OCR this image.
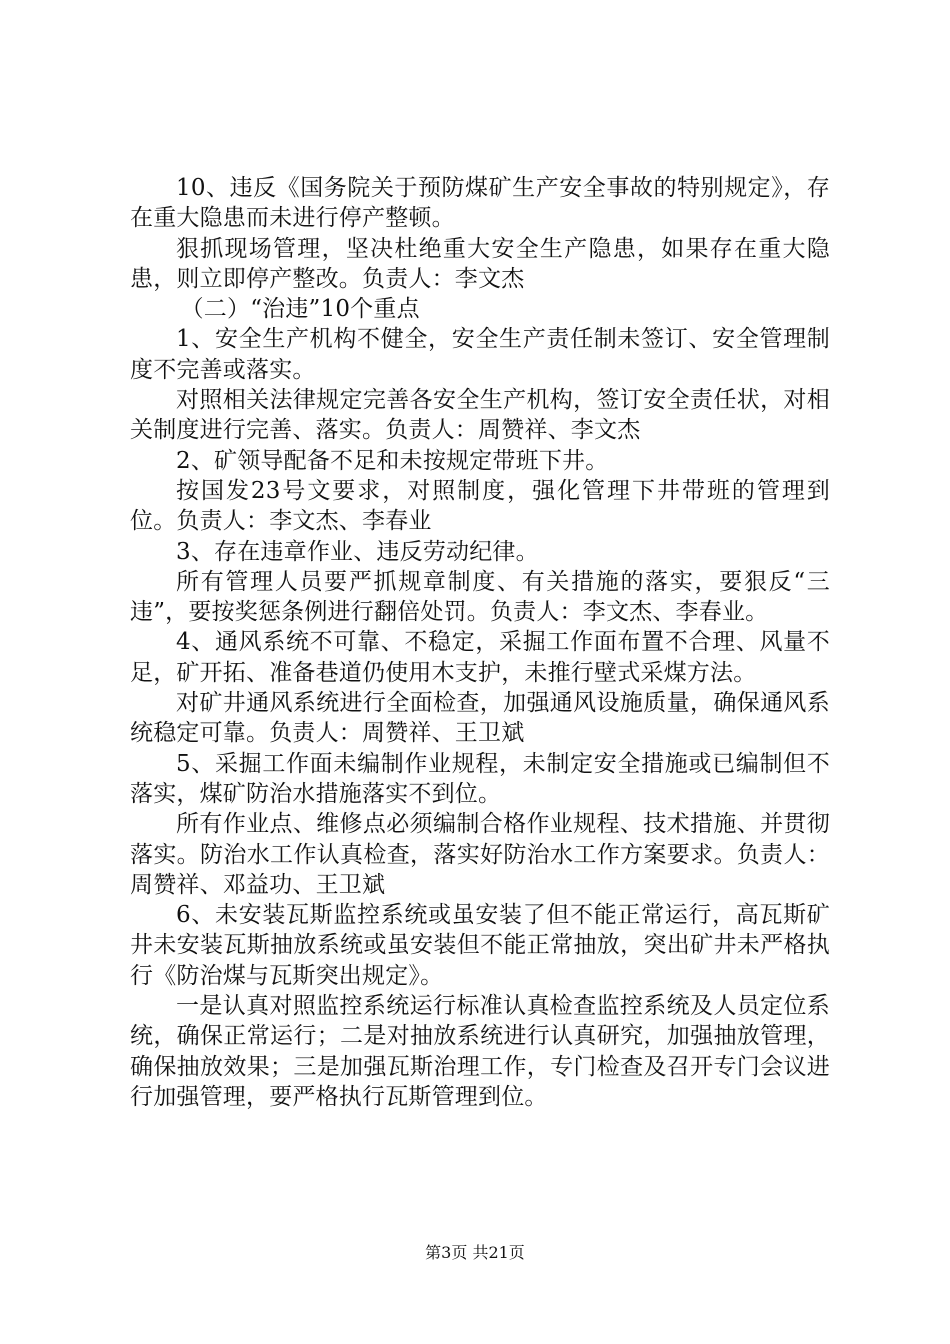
10、违反《国务院关于预防煤矿生产安全事故的特别规定》，存在重大隐患而未进行停产整顿。

狠抓现场管理，坚决杜绝重大安全生产隐患，如果存在重大隐患，则立即停产整改。负责人：李文杰

（二）“治违”10个重点

1、安全生产机构不健全，安全生产责任制未签订、安全管理制度不完善或落实。

对照相关法律规定完善各安全生产机构，签订安全责任状，对相关制度进行完善、落实。负责人：周赞祥、李文杰

2、矿领导配备不足和未按规定带班下井。

按国发23号文要求，对照制度，强化管理下井带班的管理到位。负责人：李文杰、李春业

3、存在违章作业、违反劳动纪律。

所有管理人员要严抓规章制度、有关措施的落实，要狠反“三违”，要按奖惩条例进行翻倍处罚。负责人：李文杰、李春业。

4、通风系统不可靠、不稳定，采掘工作面布置不合理、风量不足，矿开拓、准备巷道仍使用木支护，未推行壁式采煤方法。

对矿井通风系统进行全面检查，加强通风设施质量，确保通风系统稳定可靠。负责人：周赞祥、王卫斌

5、采掘工作面未编制作业规程，未制定安全措施或已编制但不落实，煤矿防治水措施落实不到位。

所有作业点、维修点必须编制合格作业规程、技术措施、并贯彻落实。防治水工作认真检查，落实好防治水工作方案要求。负责人：周赞祥、邓益功、王卫斌

6、未安装瓦斯监控系统或虽安装了但不能正常运行，高瓦斯矿井未安装瓦斯抽放系统或虽安装但不能正常抽放，突出矿井未严格执行《防治煤与瓦斯突出规定》。

一是认真对照监控系统运行标准认真检查监控系统及人员定位系统，确保正常运行；二是对抽放系统进行认真研究，加强抽放管理，确保抽放效果；三是加强瓦斯治理工作，专门检查及召开专门会议进行加强管理，要严格执行瓦斯管理到位。

第3页 共21页
